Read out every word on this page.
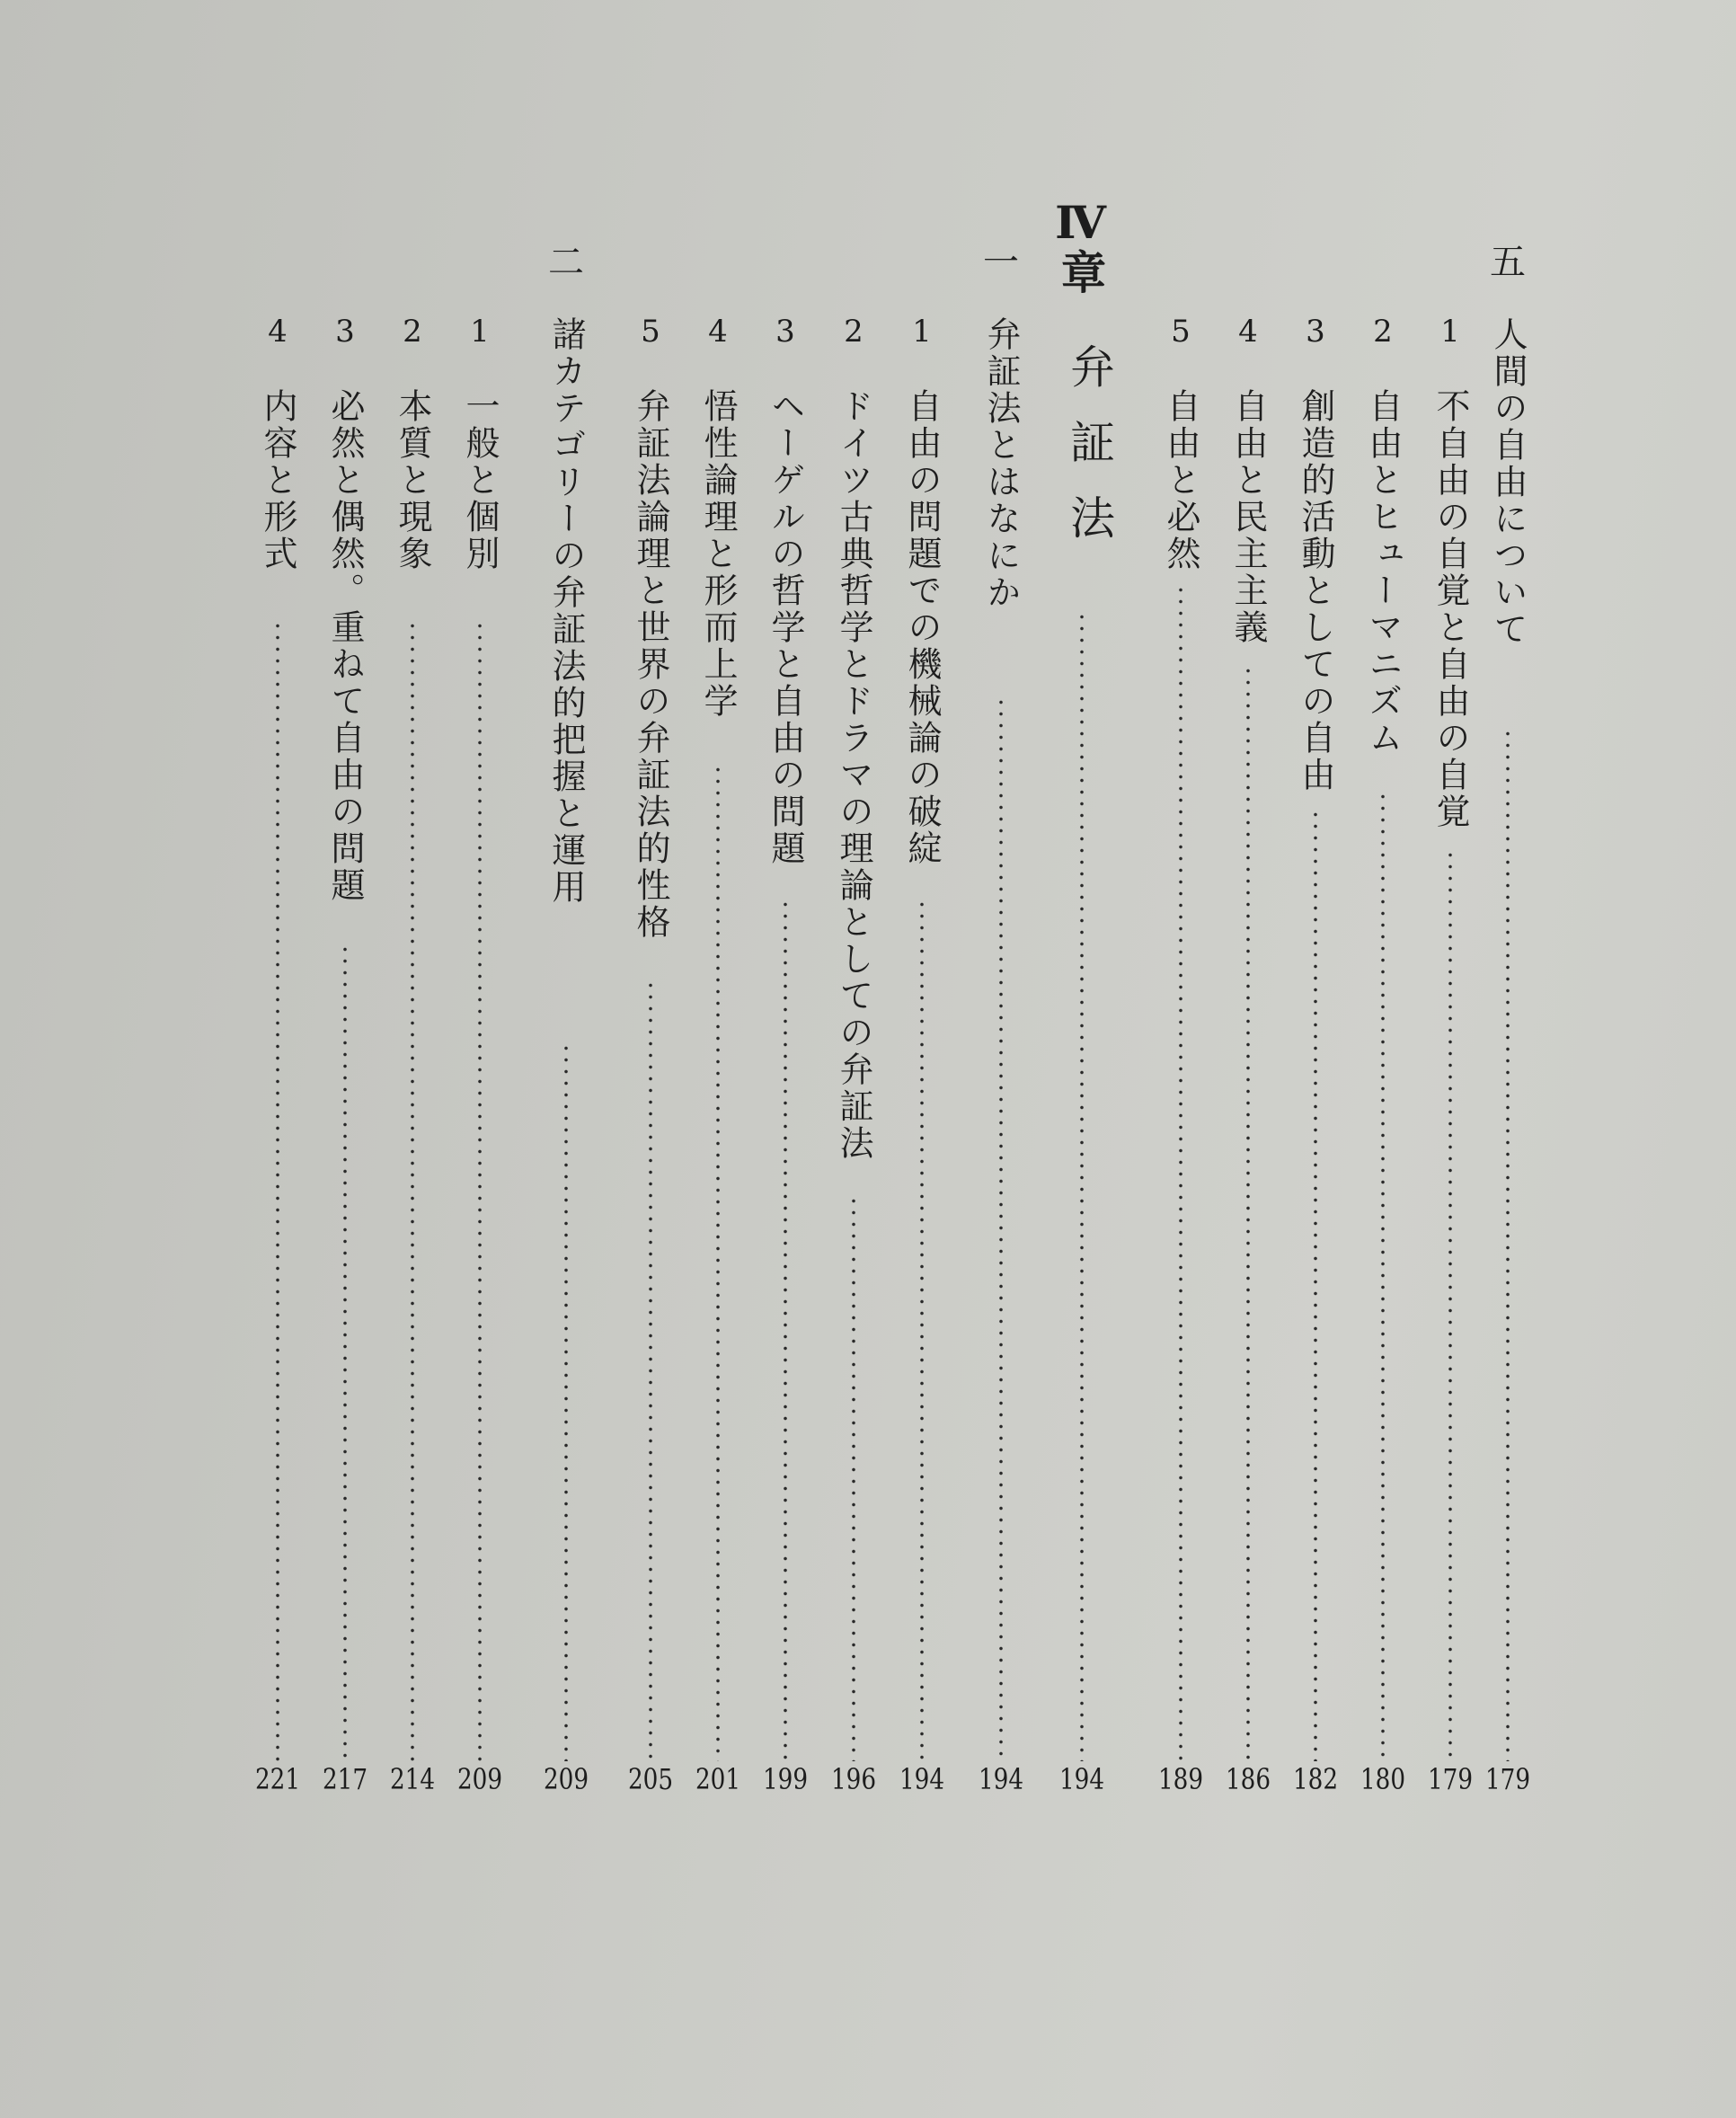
五
人間の自由について
179
1
不自由の自覚と自由の自覚
179
2
自由とヒューマニズム
180
3
創造的活動としての自由
182
4
自由と民主主義
186
5
自由と必然
189
Ⅳ章
弁証法
194
一
弁証法とはなにか
194
1
自由の問題での機械論の破綻
194
2
ドイツ古典哲学とドラマの理論としての弁証法
196
3
ヘーゲルの哲学と自由の問題
199
4
悟性論理と形而上学
201
5
弁証法論理と世界の弁証法的性格
205
二
諸カテゴリーの弁証法的把握と運用
209
1
一般と個別
209
2
本質と現象
214
3
必然と偶然。重ねて自由の問題
217
4
内容と形式
221
